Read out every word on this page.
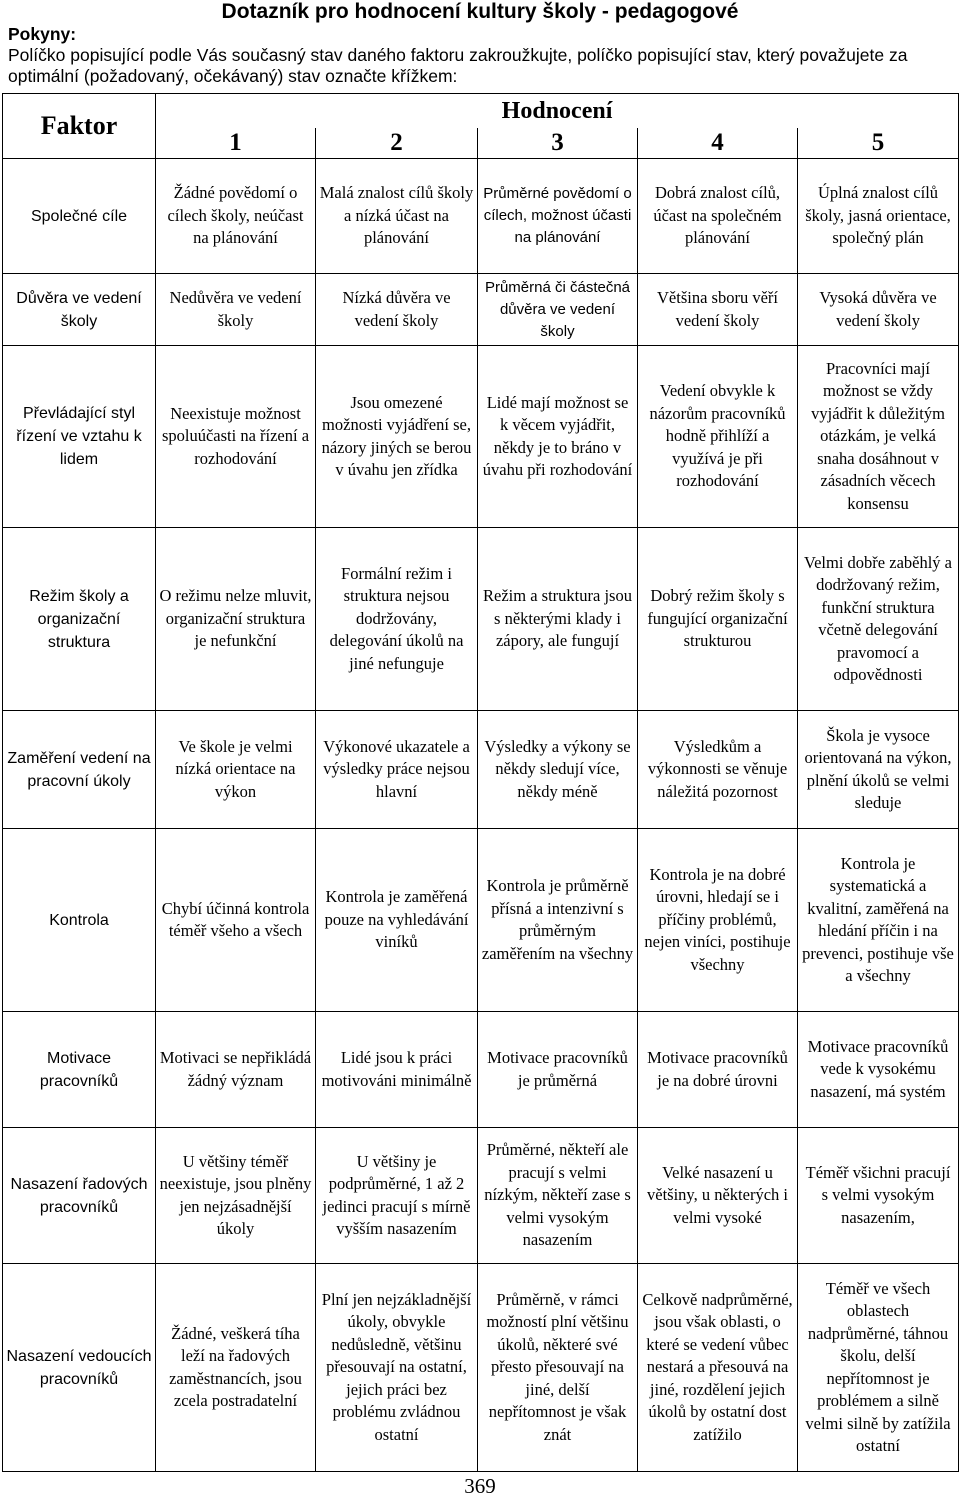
Dotazník pro hodnocení kultury školy - pedagogové
Pokyny:
Políčko popisující podle Vás současný stav daného faktoru zakroužkujte, políčko popisující stav, který považujete za optimální (požadovaný, očekávaný) stav označte křížkem:
Faktor	Hodnocení				
	1	2	3	4	5
Společné cíle	Žádné povědomí o cílech školy, neúčast na plánování	Malá znalost cílů školy a nízká účast na plánování	Průměrné povědomí o cílech, možnost účasti na plánování	Dobrá znalost cílů, účast na společném plánování	Úplná znalost cílů školy, jasná orientace, společný plán
Důvěra ve vedení školy	Nedůvěra ve vedení školy	Nízká důvěra ve vedení školy	Průměrná či částečná důvěra ve vedení školy	Většina sboru věří vedení školy	Vysoká důvěra ve vedení školy
Převládající styl řízení ve vztahu k lidem	Neexistuje možnost spoluúčasti na řízení a rozhodování	Jsou omezené možnosti vyjádření se, názory jiných se berou v úvahu jen zřídka	Lidé mají možnost se k věcem vyjádřit, někdy je to bráno v úvahu při rozhodování	Vedení obvykle k názorům pracovníků hodně přihlíží a využívá je při rozhodování	Pracovníci mají možnost se vždy vyjádřit k důležitým otázkám, je velká snaha dosáhnout v zásadních věcech konsensu
Režim školy a organizační struktura	O režimu nelze mluvit, organizační struktura je nefunkční	Formální režim i struktura nejsou dodržovány, delegování úkolů na jiné nefunguje	Režim a struktura jsou s některými klady i zápory, ale fungují	Dobrý režim školy s fungující organizační strukturou	Velmi dobře zaběhlý a dodržovaný režim, funkční struktura včetně delegování pravomocí a odpovědnosti
Zaměření vedení na pracovní úkoly	Ve škole je velmi nízká orientace na výkon	Výkonové ukazatele a výsledky práce nejsou hlavní	Výsledky a výkony se někdy sledují více, někdy méně	Výsledkům a výkonnosti se věnuje náležitá pozornost	Škola je vysoce orientovaná na výkon, plnění úkolů se velmi sleduje
Kontrola	Chybí účinná kontrola téměř všeho a všech	Kontrola je zaměřená pouze na vyhledávání viníků	Kontrola je průměrně přísná a intenzivní s průměrným zaměřením na všechny	Kontrola je na dobré úrovni, hledají se i příčiny problémů, nejen viníci, postihuje všechny	Kontrola je systematická a kvalitní, zaměřená na hledání příčin i na prevenci, postihuje vše a všechny
Motivace pracovníků	Motivaci se nepřikládá žádný význam	Lidé jsou k práci motivováni minimálně	Motivace pracovníků je průměrná	Motivace pracovníků je na dobré úrovni	Motivace pracovníků vede k vysokému nasazení, má systém
Nasazení řadových pracovníků	U většiny téměř neexistuje, jsou plněny jen nejzásadnější úkoly	U většiny je podprůměrné, 1 až 2 jedinci pracují s mírně vyšším nasazením	Průměrné, někteří ale pracují s velmi nízkým, někteří zase s velmi vysokým nasazením	Velké nasazení u většiny, u některých i velmi vysoké	Téměř všichni pracují s velmi vysokým nasazením,
Nasazení vedoucích pracovníků	Žádné, veškerá tíha leží na řadových zaměstnancích, jsou zcela postradatelní	Plní jen nejzákladnější úkoly, obvykle nedůsledně, většinu přesouvají na ostatní, jejich práci bez problému zvládnou ostatní	Průměrně, v rámci možností plní většinu úkolů, některé své přesto přesouvají na jiné, delší nepřítomnost je však znát	Celkově nadprůměrné, jsou však oblasti, o které se vedení vůbec nestará a přesouvá na jiné, rozdělení jejich úkolů by ostatní dost zatížilo	Téměř ve všech oblastech nadprůměrné, táhnou školu, delší nepřítomnost je problémem a silně velmi silně by zatížila ostatní
369
